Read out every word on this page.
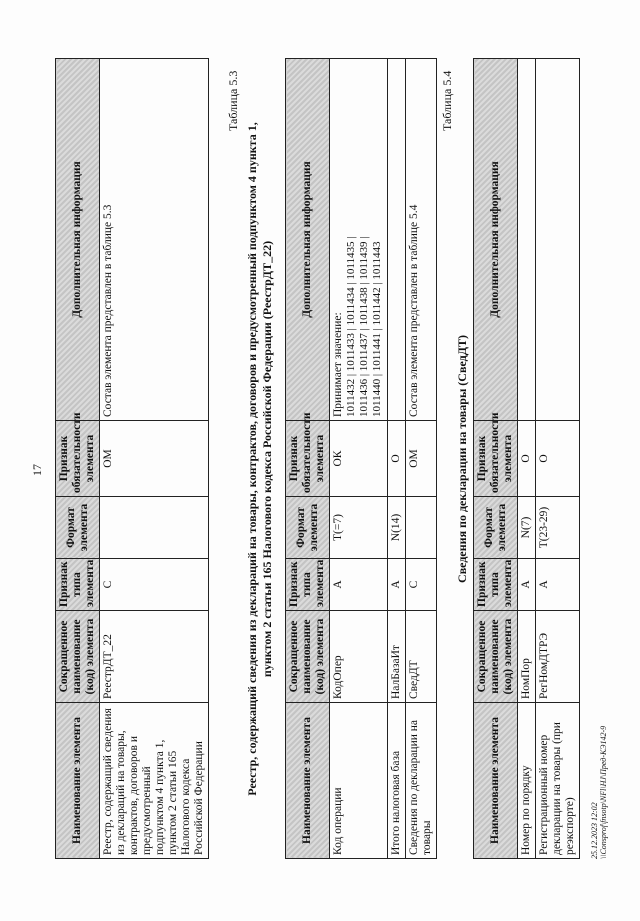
17
Наименование элемента	Сокращенное наименование (код) элемента	Признак типа элемента	Формат элемента	Признак обязательности элемента	Дополнительная информация
Реестр, содержащий сведения из деклараций на товары, контрактов, договоров и предусмотренный подпунктом 4 пункта 1, пунктом 2 статьи 165 Налогового кодекса Российской Федерации	РеестрДТ_22	С		ОМ	Состав элемента представлен в таблице 5.3
Таблица 5.3
Реестр, содержащий сведения из деклараций на товары, контрактов, договоров и предусмотренный подпунктом 4 пункта 1, пунктом 2 статьи 165 Налогового кодекса Российской Федерации (РеестрДТ_22)
Наименование элемента	Сокращенное наименование (код) элемента	Признак типа элемента	Формат элемента	Признак обязательности элемента	Дополнительная информация
Код операции	КодОпер	А	T(=7)	ОК	Принимает значение: 1011432 | 1011433 | 1011434 | 1011435 | 1011436 | 1011437 | 1011438 | 1011439 | 1011440 | 1011441 | 1011442 | 1011443

Итого налоговая база	НалБазаИт	А	N(14)	О	
Сведения по декларации на товары	СведДТ	С		ОМ	Состав элемента представлен в таблице 5.4
Таблица 5.4
Сведения по декларации на товары (СведДТ)
Наименование элемента	Сокращенное наименование (код) элемента	Признак типа элемента	Формат элемента	Признак обязательности элемента	Дополнительная информация
Номер по порядку	НомПор	А	N(7)	О	
Регистрационный номер декларации на товары (при реэкспорте)	РегНомДТРЭ	А	T(23-29)	О	
25.12.2023 12:02 \\Consprof\fnsotp\NFl\HJ\Пред-КЭ142-9
